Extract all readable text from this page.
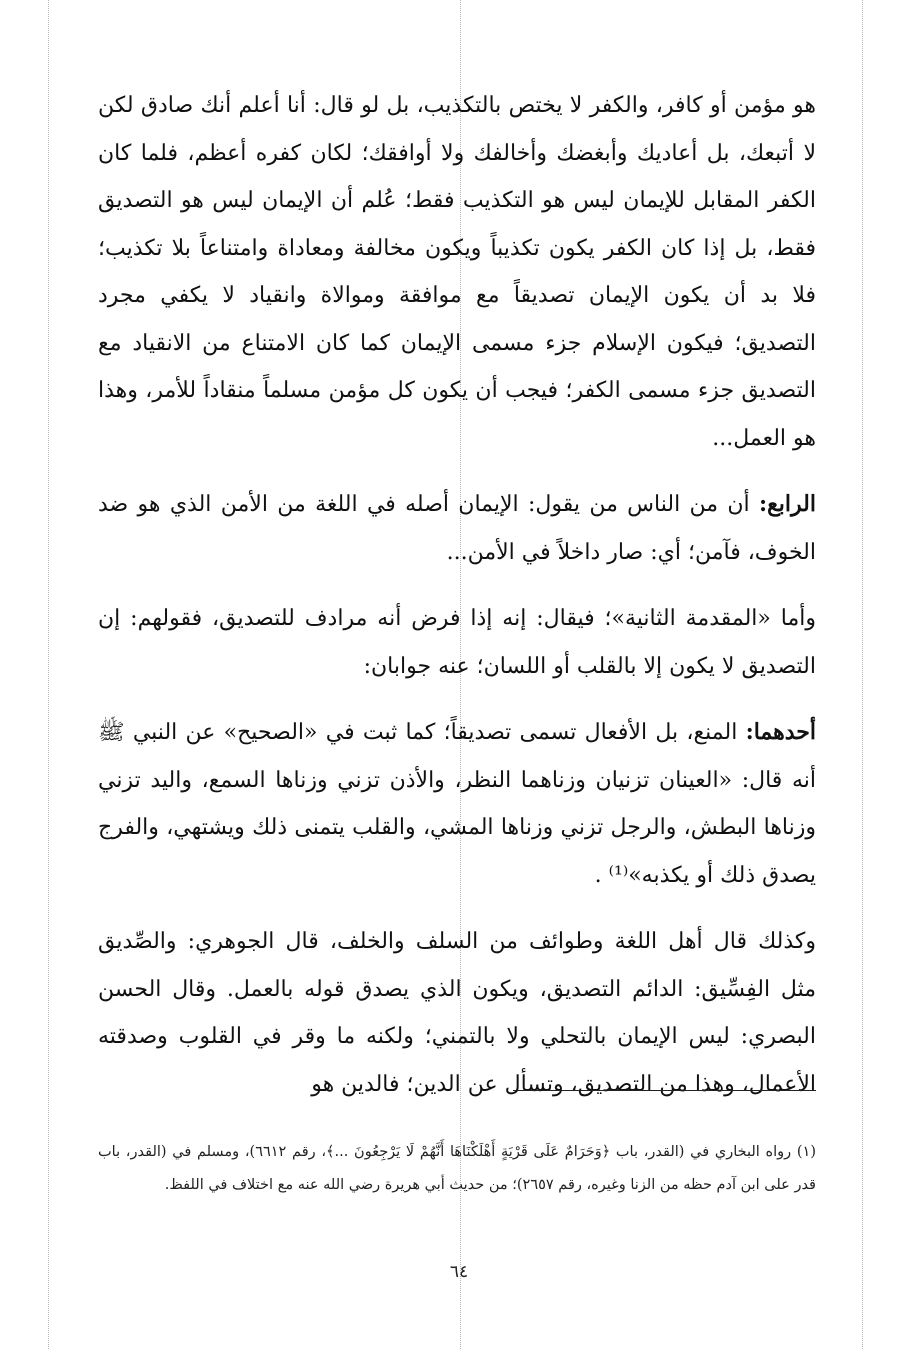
هو مؤمن أو كافر، والكفر لا يختص بالتكذيب، بل لو قال: أنا أعلم أنك صادق لكن لا أتبعك، بل أعاديك وأبغضك وأخالفك ولا أوافقك؛ لكان كفره أعظم، فلما كان الكفر المقابل للإيمان ليس هو التكذيب فقط؛ عُلم أن الإيمان ليس هو التصديق فقط، بل إذا كان الكفر يكون تكذيباً ويكون مخالفة ومعاداة وامتناعاً بلا تكذيب؛ فلا بد أن يكون الإيمان تصديقاً مع موافقة وموالاة وانقياد لا يكفي مجرد التصديق؛ فيكون الإسلام جزء مسمى الإيمان كما كان الامتناع من الانقياد مع التصديق جزء مسمى الكفر؛ فيجب أن يكون كل مؤمن مسلماً منقاداً للأمر، وهذا هو العمل...

الرابع: أن من الناس من يقول: الإيمان أصله في اللغة من الأمن الذي هو ضد الخوف، فآمن؛ أي: صار داخلاً في الأمن...

وأما «المقدمة الثانية»؛ فيقال: إنه إذا فرض أنه مرادف للتصديق، فقولهم: إن التصديق لا يكون إلا بالقلب أو اللسان؛ عنه جوابان:

أحدهما: المنع، بل الأفعال تسمى تصديقاً؛ كما ثبت في «الصحيح» عن النبي ﷺ أنه قال: «العينان تزنيان وزناهما النظر، والأذن تزني وزناها السمع، واليد تزني وزناها البطش، والرجل تزني وزناها المشي، والقلب يتمنى ذلك ويشتهي، والفرج يصدق ذلك أو يكذبه»⁽¹⁾ .

وكذلك قال أهل اللغة وطوائف من السلف والخلف، قال الجوهري: والصِّديق مثل الفِسِّيق: الدائم التصديق، ويكون الذي يصدق قوله بالعمل. وقال الحسن البصري: ليس الإيمان بالتحلي ولا بالتمني؛ ولكنه ما وقر في القلوب وصدقته الأعمال، وهذا من التصديق، وتسأل عن الدين؛ فالدين هو

(١) رواه البخاري في (القدر، باب ﴿وَحَرَامٌ عَلَى قَرْيَةٍ أَهْلَكْنَاهَا أَنَّهُمْ لَا يَرْجِعُونَ ...﴾، رقم ٦٦١٢)، ومسلم في (القدر، باب قدر على ابن آدم حظه من الزنا وغيره، رقم ٢٦٥٧)؛ من حديث أبي هريرة رضي الله عنه مع اختلاف في اللفظ.
٦٤
